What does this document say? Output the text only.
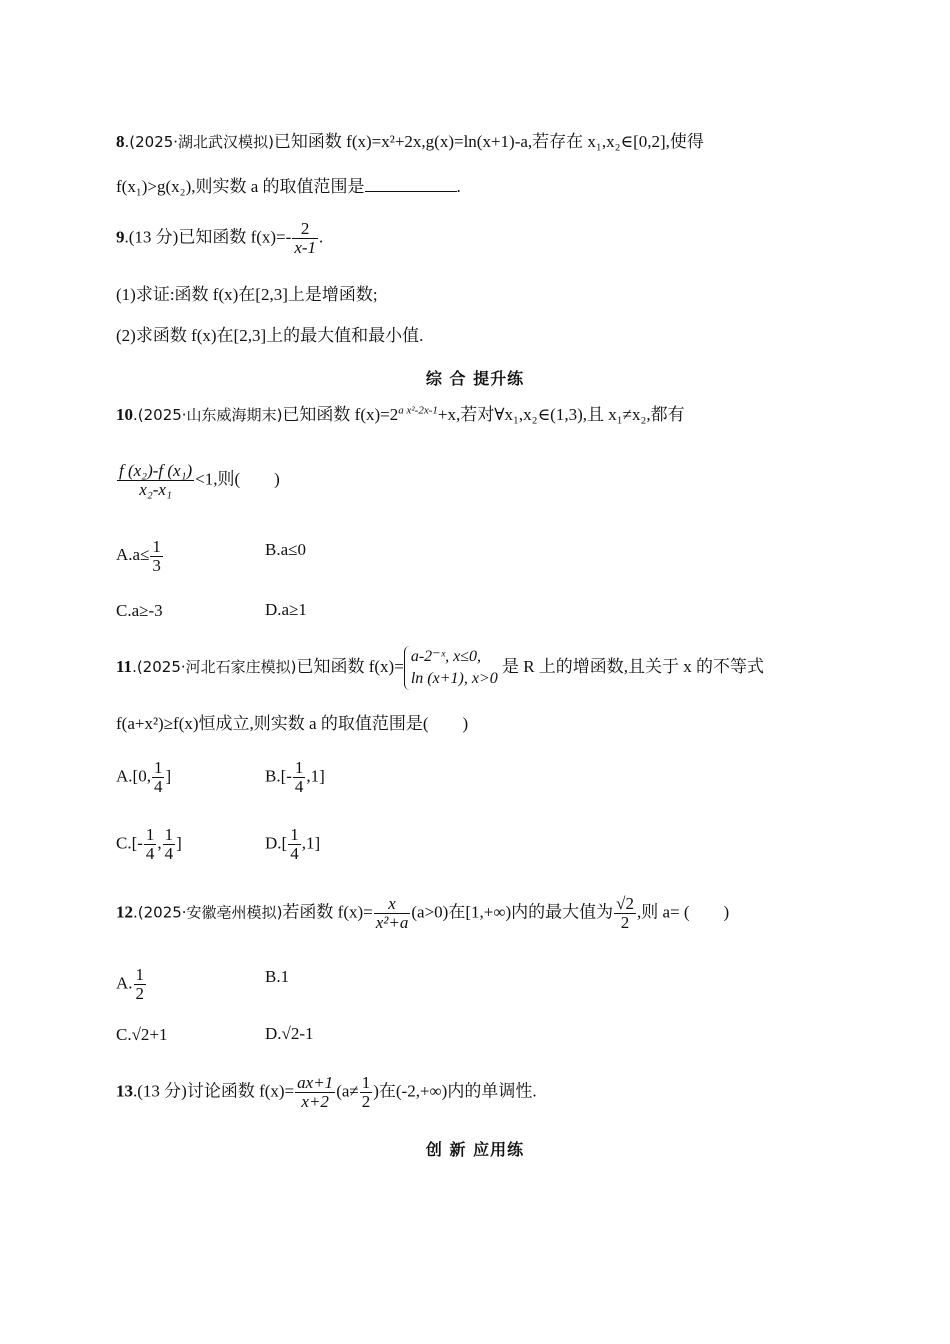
8.(2025·湖北武汉模拟)已知函数 f(x)=x²+2x,g(x)=ln(x+1)-a,若存在 x₁,x₂∈[0,2],使得
f(x₁)>g(x₂),则实数 a 的取值范围是	.
9.(13 分)已知函数 $f(x)=- \frac{2}{x-1}$ .
(1)求证:函数 f(x)在[2,3]上是增函数;
(2)求函数 f(x)在[2,3]上的最大值和最小值.
综 合 提升练
10.(2025·山东威海期末)已知函数 $f(x)=2^{a x^2-2x-1}+x$,若对∀x₁,x₂∈(1,3),且 x₁≠x₂,都有
$\frac{\text{f (x₂)-f (x₁)}}{\text{x₂-x₁}} <1$,则(　　)
$A.a\le \frac{1}{3}$	B.a≤0
C.a≥-3	D.a≥1
11.(2025·河北石家庄模拟)已知函数 f(x)=
a-2⁻ˣ, x≤0,
ln (x+1), x>0
是 R 上的增函数,且关于 x 的不等式
f(a+x²)≥f(x)恒成立,则实数 a 的取值范围是(　　)
A.[0, $\frac{1}{4}$ ]	$B.[- \frac{1}{4} ,1]$
$C.[- \frac{1}{4}$ , $\frac{1}{4}$ ]	$D.[ \frac{1}{4} ,1]$
12.(2025·安徽亳州模拟)若函数 $f(x)= \frac{x}{\text{x²+a}} (a>0)$在[1,+∞)内的最大值为 $\frac{√2}{2}$ ,则 a= (　　)
A. $\frac{1}{2}$	B.1
C.√2+1	D.√2-1
13.(13 分)讨论函数 $f(x)= \frac{ax+1}{x+2} (a\ne \frac{1}{2}$ )在(-2,+∞)内的单调性.
创 新 应用练
